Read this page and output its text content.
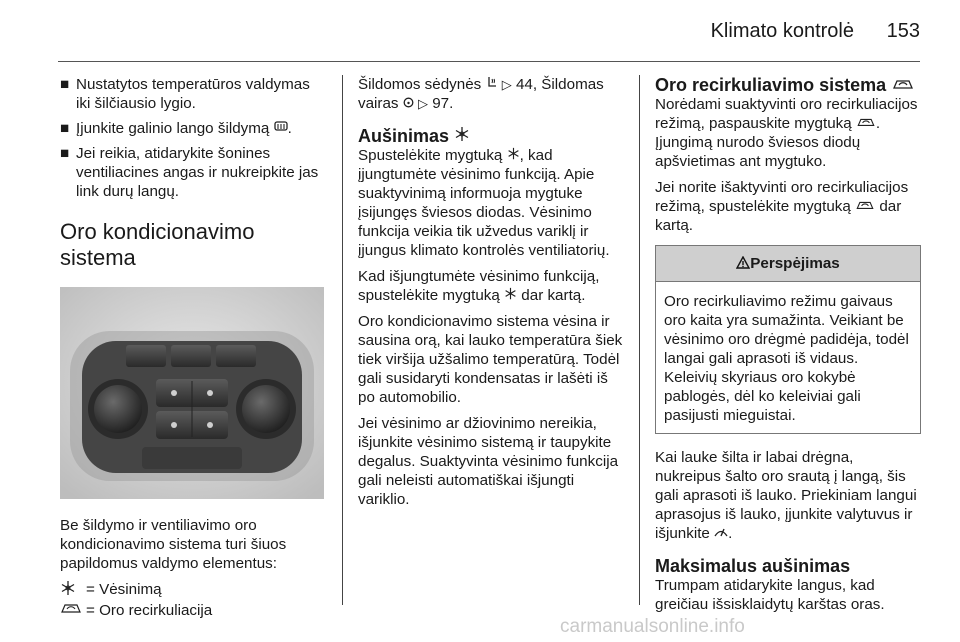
Klimato kontrolė 153
■ Nustatytos temperatūros valdymas iki šilčiausio lygio.
■ Įjunkite galinio lango šildymą .
■ Jei reikia, atidarykite šonines ventiliacines angas ir nukreipkite jas link durų langų.
Oro kondicionavimo sistema

Be šildymo ir ventiliavimo oro kondicionavimo sistema turi šiuos papildomus valdymo elementus:

= Vėsinimą
= Oro recirkuliacija

Šildomos sėdynės ▷ 44, Šildomas vairas ▷ 97.

Aušinimas

Spustelėkite mygtuką , kad įjungtumėte vėsinimo funkciją. Apie suaktyvinimą informuoja mygtuke įsijungęs šviesos diodas. Vėsinimo funkcija veikia tik užvedus variklį ir įjungus klimato kontrolės ventiliatorių.

Kad išjungtumėte vėsinimo funkciją, spustelėkite mygtuką dar kartą.

Oro kondicionavimo sistema vėsina ir sausina orą, kai lauko temperatūra šiek tiek viršija užšalimo temperatūrą. Todėl gali susidaryti kondensatas ir lašėti iš po automobilio.

Jei vėsinimo ar džiovinimo nereikia, išjunkite vėsinimo sistemą ir taupykite degalus. Suaktyvinta vėsinimo funkcija gali neleisti automatiškai išjungti variklio.

Oro recirkuliavimo sistema

Norėdami suaktyvinti oro recirkuliacijos režimą, paspauskite mygtuką . Įjungimą nurodo šviesos diodų apšvietimas ant mygtuko.

Jei norite išaktyvinti oro recirkuliacijos režimą, spustelėkite mygtuką dar kartą.

Perspėjimas
Oro recirkuliavimo režimu gaivaus oro kaita yra sumažinta. Veikiant be vėsinimo oro drėgmė padidėja, todėl langai gali aprasoti iš vidaus. Keleivių skyriaus oro kokybė pablogės, dėl ko keleiviai gali pasijusti mieguistai.

Kai lauke šilta ir labai drėgna, nukreipus šalto oro srautą į langą, šis gali aprasoti iš lauko. Priekiniam langui aprasojus iš lauko, įjunkite valytuvus ir išjunkite .

Maksimalus aušinimas

Trumpam atidarykite langus, kad greičiau išsisklaidytų karštas oras.

carmanualsonline.info
